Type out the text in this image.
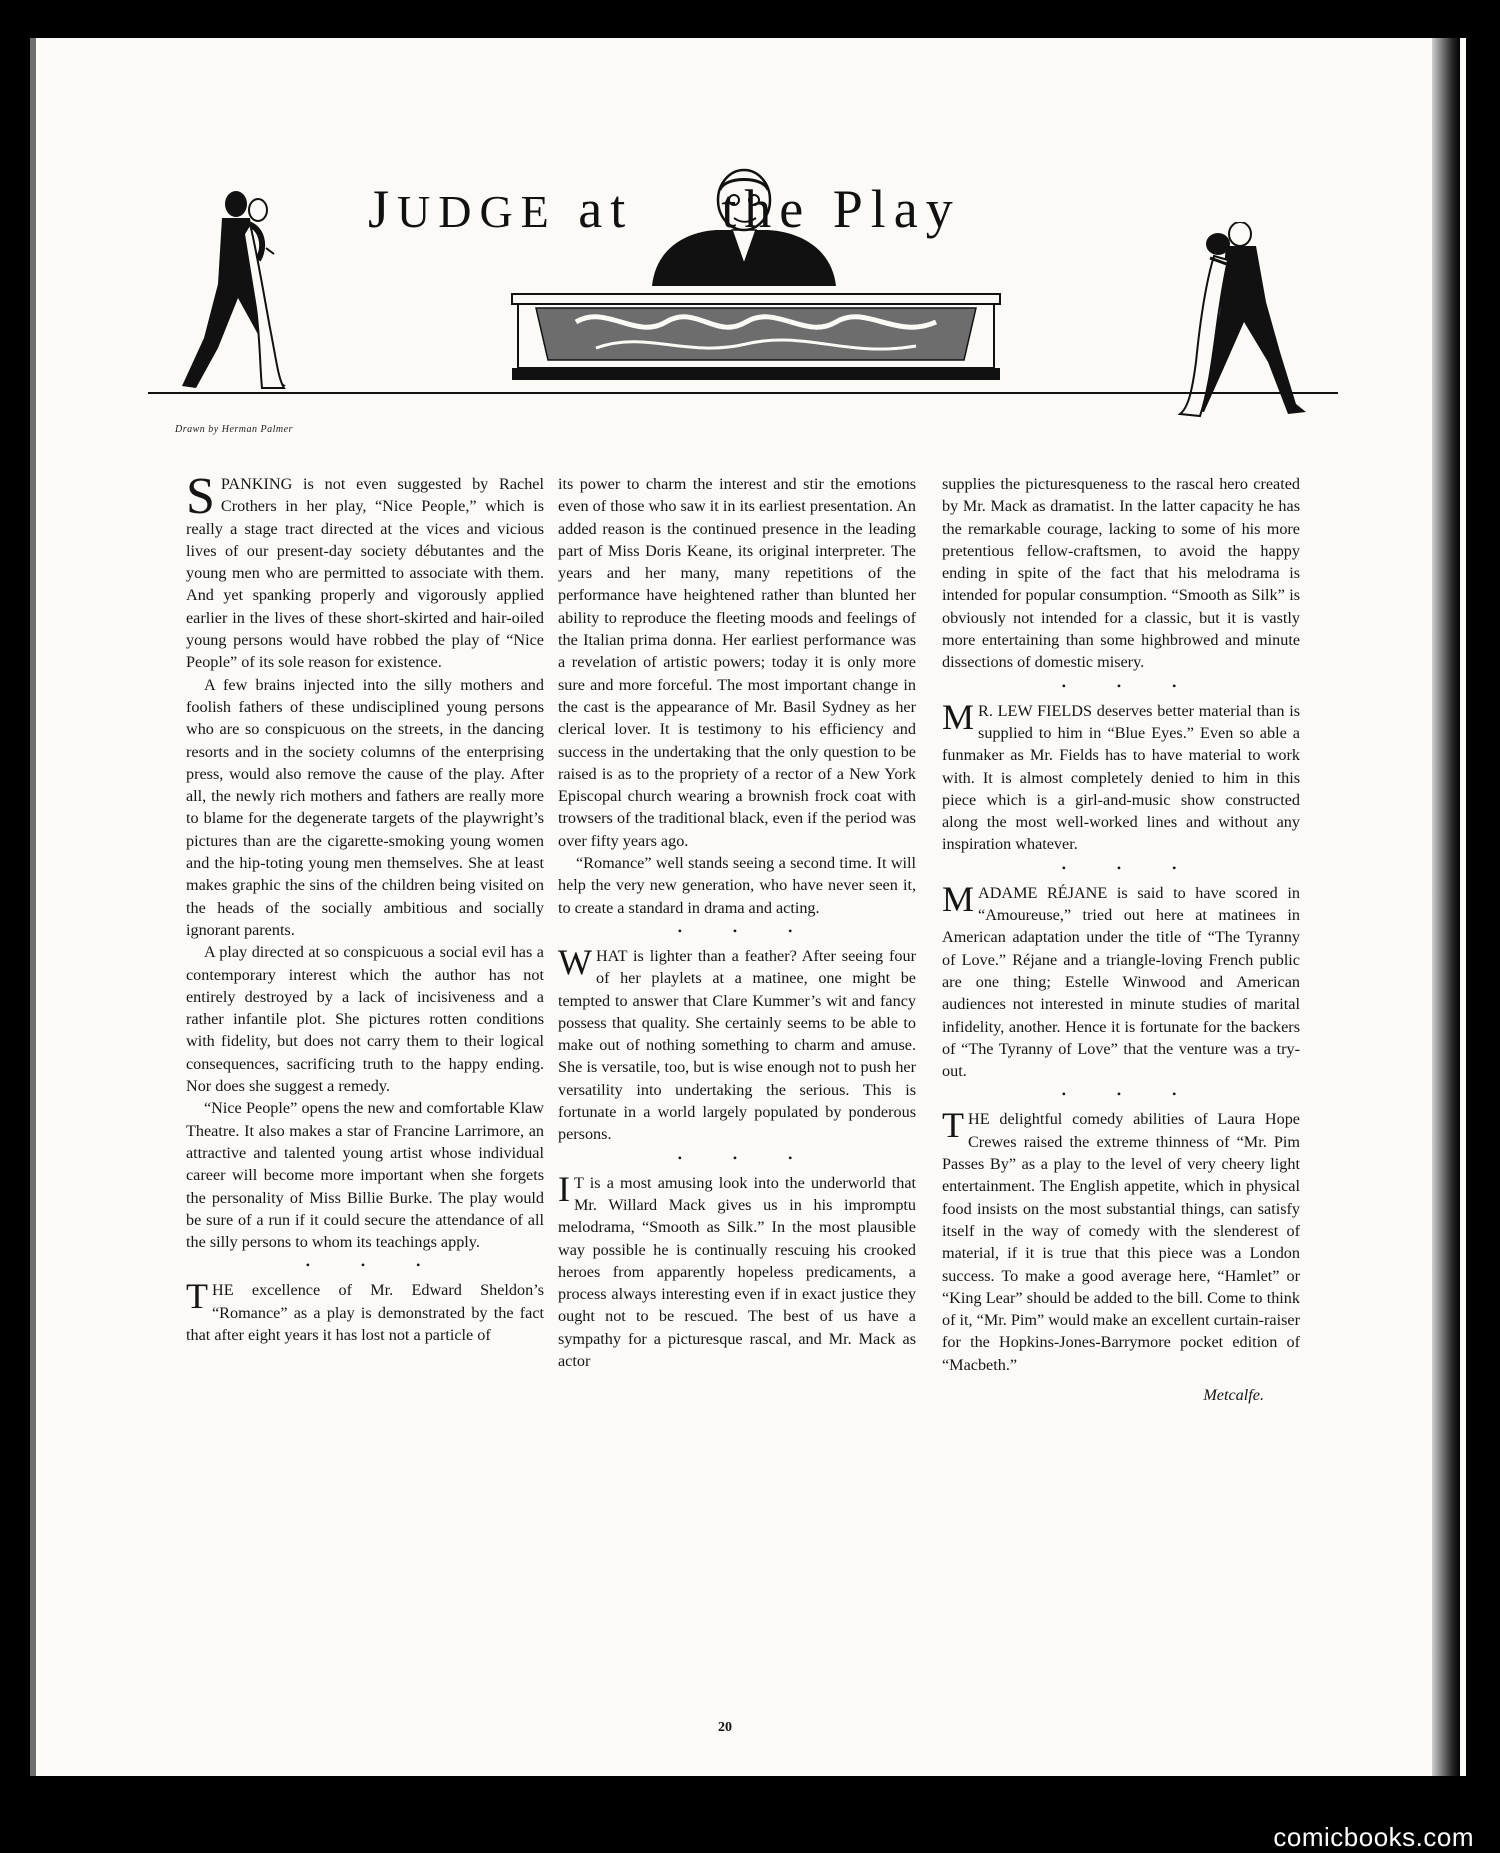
JUDGE at the Play
Drawn by Herman Palmer

SPANKING is not even suggested by Rachel Crothers in her play, “Nice People,” which is really a stage tract directed at the vices and vicious lives of our present-day society débutantes and the young men who are permitted to associate with them. And yet spanking properly and vigorously applied earlier in the lives of these short-skirted and hair-oiled young persons would have robbed the play of “Nice People” of its sole reason for existence.

A few brains injected into the silly mothers and foolish fathers of these undisciplined young persons who are so conspicuous on the streets, in the dancing resorts and in the society columns of the enterprising press, would also remove the cause of the play. After all, the newly rich mothers and fathers are really more to blame for the degenerate targets of the playwright’s pictures than are the cigarette-smoking young women and the hip-toting young men themselves. She at least makes graphic the sins of the children being visited on the heads of the socially ambitious and socially ignorant parents.

A play directed at so conspicuous a social evil has a contemporary interest which the author has not entirely destroyed by a lack of incisiveness and a rather infantile plot. She pictures rotten conditions with fidelity, but does not carry them to their logical consequences, sacrificing truth to the happy ending. Nor does she suggest a remedy.

“Nice People” opens the new and comfortable Klaw Theatre. It also makes a star of Francine Larrimore, an attractive and talented young artist whose individual career will become more important when she forgets the personality of Miss Billie Burke. The play would be sure of a run if it could secure the attendance of all the silly persons to whom its teachings apply.

• • •

THE excellence of Mr. Edward Sheldon’s “Romance” as a play is demonstrated by the fact that after eight years it has lost not a particle of

its power to charm the interest and stir the emotions even of those who saw it in its earliest presentation. An added reason is the continued presence in the leading part of Miss Doris Keane, its original interpreter. The years and her many, many repetitions of the performance have heightened rather than blunted her ability to reproduce the fleeting moods and feelings of the Italian prima donna. Her earliest performance was a revelation of artistic powers; today it is only more sure and more forceful. The most important change in the cast is the appearance of Mr. Basil Sydney as her clerical lover. It is testimony to his efficiency and success in the undertaking that the only question to be raised is as to the propriety of a rector of a New York Episcopal church wearing a brownish frock coat with trowsers of the traditional black, even if the period was over fifty years ago.

“Romance” well stands seeing a second time. It will help the very new generation, who have never seen it, to create a standard in drama and acting.

• • •

WHAT is lighter than a feather? After seeing four of her playlets at a matinee, one might be tempted to answer that Clare Kummer’s wit and fancy possess that quality. She certainly seems to be able to make out of nothing something to charm and amuse. She is versatile, too, but is wise enough not to push her versatility into undertaking the serious. This is fortunate in a world largely populated by ponderous persons.

• • •

I T is a most amusing look into the underworld that Mr. Willard Mack gives us in his impromptu melodrama, “Smooth as Silk.” In the most plausible way possible he is continually rescuing his crooked heroes from apparently hopeless predicaments, a process always interesting even if in exact justice they ought not to be rescued. The best of us have a sympathy for a picturesque rascal, and Mr. Mack as actor

supplies the picturesqueness to the rascal hero created by Mr. Mack as dramatist. In the latter capacity he has the remarkable courage, lacking to some of his more pretentious fellow-craftsmen, to avoid the happy ending in spite of the fact that his melodrama is intended for popular consumption. “Smooth as Silk” is obviously not intended for a classic, but it is vastly more entertaining than some highbrowed and minute dissections of domestic misery.

• • •

M R. LEW FIELDS deserves better material than is supplied to him in “Blue Eyes.” Even so able a funmaker as Mr. Fields has to have material to work with. It is almost completely denied to him in this piece which is a girl-and-music show constructed along the most well-worked lines and without any inspiration whatever.

• • •

MADAME RÉJANE is said to have scored in “Amoureuse,” tried out here at matinees in American adaptation under the title of “The Tyranny of Love.” Réjane and a triangle-loving French public are one thing; Estelle Winwood and American audiences not interested in minute studies of marital infidelity, another. Hence it is fortunate for the backers of “The Tyranny of Love” that the venture was a try-out.

• • •

THE delightful comedy abilities of Laura Hope Crewes raised the extreme thinness of “Mr. Pim Passes By” as a play to the level of very cheery light entertainment. The English appetite, which in physical food insists on the most substantial things, can satisfy itself in the way of comedy with the slenderest of material, if it is true that this piece was a London success. To make a good average here, “Hamlet” or “King Lear” should be added to the bill. Come to think of it, “Mr. Pim” would make an excellent curtain-raiser for the Hopkins-Jones-Barrymore pocket edition of “Macbeth.”

Metcalfe.
20
comicbooks.com
